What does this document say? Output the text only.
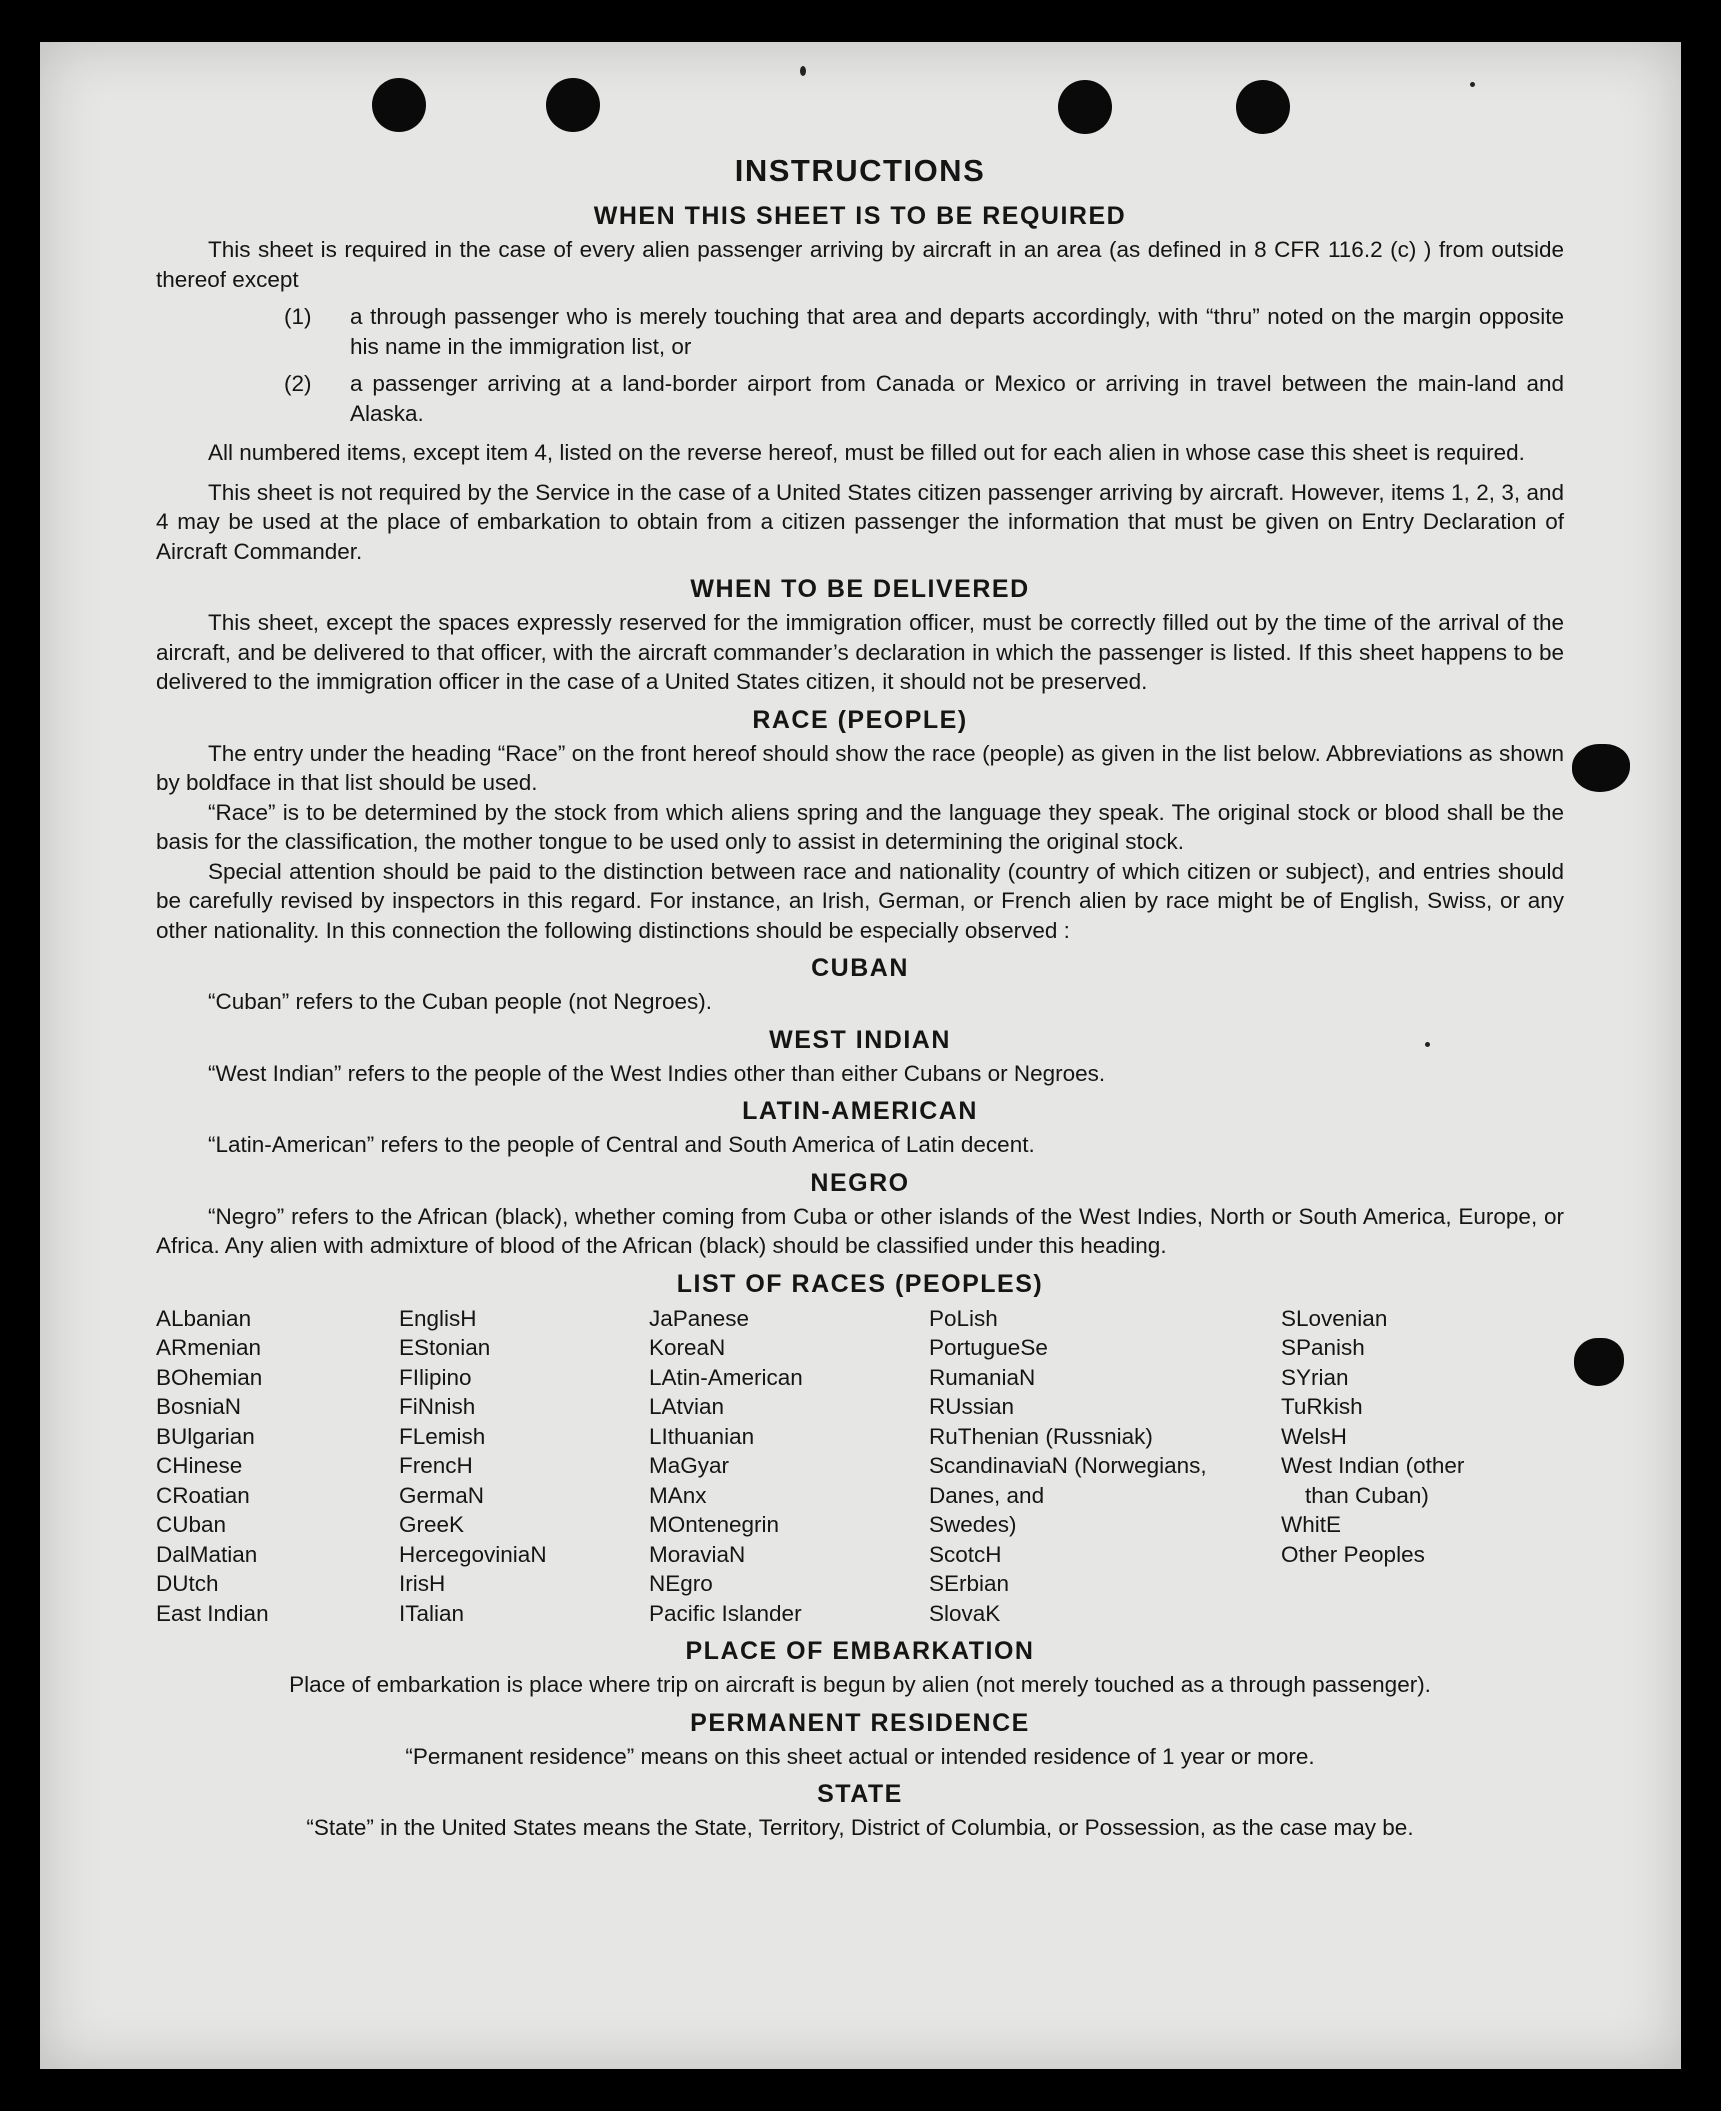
INSTRUCTIONS
WHEN THIS SHEET IS TO BE REQUIRED

This sheet is required in the case of every alien passenger arriving by aircraft in an area (as defined in 8 CFR 116.2 (c) ) from outside thereof except

(1) a through passenger who is merely touching that area and departs accordingly, with “thru” noted on the margin opposite his name in the immigration list, or
(2) a passenger arriving at a land-border airport from Canada or Mexico or arriving in travel between the main-land and Alaska.

All numbered items, except item 4, listed on the reverse hereof, must be filled out for each alien in whose case this sheet is required.

This sheet is not required by the Service in the case of a United States citizen passenger arriving by aircraft. However, items 1, 2, 3, and 4 may be used at the place of embarkation to obtain from a citizen passenger the information that must be given on Entry Declaration of Aircraft Commander.

WHEN TO BE DELIVERED

This sheet, except the spaces expressly reserved for the immigration officer, must be correctly filled out by the time of the arrival of the aircraft, and be delivered to that officer, with the aircraft commander’s declaration in which the passenger is listed. If this sheet happens to be delivered to the immigration officer in the case of a United States citizen, it should not be preserved.

RACE (PEOPLE)

The entry under the heading “Race” on the front hereof should show the race (people) as given in the list below. Abbreviations as shown by boldface in that list should be used.

“Race” is to be determined by the stock from which aliens spring and the language they speak. The original stock or blood shall be the basis for the classification, the mother tongue to be used only to assist in determining the original stock.

Special attention should be paid to the distinction between race and nationality (country of which citizen or subject), and entries should be carefully revised by inspectors in this regard. For instance, an Irish, German, or French alien by race might be of English, Swiss, or any other nationality. In this connection the following distinctions should be especially observed :

CUBAN

“Cuban” refers to the Cuban people (not Negroes).

WEST INDIAN

“West Indian” refers to the people of the West Indies other than either Cubans or Negroes.

LATIN-AMERICAN

“Latin-American” refers to the people of Central and South America of Latin decent.

NEGRO

“Negro” refers to the African (black), whether coming from Cuba or other islands of the West Indies, North or South America, Europe, or Africa. Any alien with admixture of blood of the African (black) should be classified under this heading.

LIST OF RACES (PEOPLES)
ALbanian
ARmenian
BOhemian
BosniaN
BUlgarian
CHinese
CRoatian
CUban
DalMatian
DUtch
East Indian
EnglisH
EStonian
FIlipino
FiNnish
FLemish
FrencH
GermaN
GreeK
HercegoviniaN
IrisH
ITalian
JaPanese
KoreaN
LAtin-American
LAtvian
LIthuanian
MaGyar
MAnx
MOntenegrin
MoraviaN
NEgro
Pacific Islander
PoLish
PortugueSe
RumaniaN
RUssian
RuThenian (Russniak)
ScandinaviaN (Norwegians,
Danes, and
Swedes)
ScotcH
SErbian
SlovaK
SLovenian
SPanish
SYrian
TuRkish
WelsH
West Indian (other
than Cuban)
WhitE
Other Peoples
PLACE OF EMBARKATION

Place of embarkation is place where trip on aircraft is begun by alien (not merely touched as a through passenger).

PERMANENT RESIDENCE

“Permanent residence” means on this sheet actual or intended residence of 1 year or more.

STATE

“State” in the United States means the State, Territory, District of Columbia, or Possession, as the case may be.
